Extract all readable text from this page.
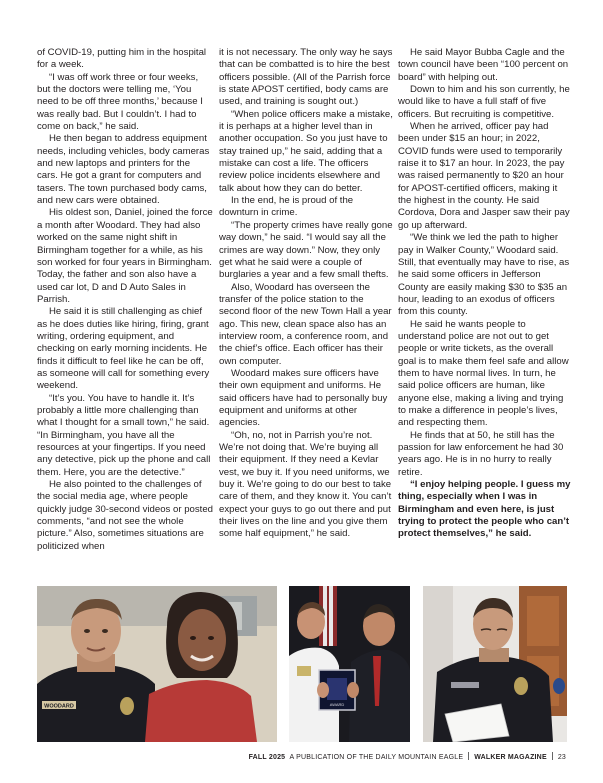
of COVID-19, putting him in the hospital for a week.

“I was off work three or four weeks, but the doctors were telling me, ‘You need to be off three months,’ because I was really bad. But I couldn’t. I had to come on back,” he said.

He then began to address equipment needs, including vehicles, body cameras and new laptops and printers for the cars. He got a grant for computers and tasers. The town purchased body cams, and new cars were obtained.

His oldest son, Daniel, joined the force a month after Woodard. They had also worked on the same night shift in Birmingham together for a while, as his son worked for four years in Birmingham. Today, the father and son also have a used car lot, D and D Auto Sales in Parrish.

He said it is still challenging as chief as he does duties like hiring, firing, grant writing, ordering equipment, and checking on early morning incidents. He finds it difficult to feel like he can be off, as someone will call for something every weekend.

“It’s you. You have to handle it. It’s probably a little more challenging than what I thought for a small town,” he said. “In Birmingham, you have all the resources at your fingertips. If you need any detective, pick up the phone and call them. Here, you are the detective.”

He also pointed to the challenges of the social media age, where people quickly judge 30-second videos or posted comments, “and not see the whole picture.” Also, sometimes situations are politicized when

it is not necessary. The only way he says that can be combatted is to hire the best officers possible. (All of the Parrish force is state APOST certified, body cams are used, and training is sought out.)

“When police officers make a mistake, it is perhaps at a higher level than in another occupation. So you just have to stay trained up,” he said, adding that a mistake can cost a life. The officers review police incidents elsewhere and talk about how they can do better.

In the end, he is proud of the downturn in crime.

“The property crimes have really gone way down,” he said. “I would say all the crimes are way down.” Now, they only get what he said were a couple of burglaries a year and a few small thefts.

Also, Woodard has overseen the transfer of the police station to the second floor of the new Town Hall a year ago. This new, clean space also has an interview room, a conference room, and the chief’s office. Each officer has their own computer.

Woodard makes sure officers have their own equipment and uniforms. He said officers have had to personally buy equipment and uniforms at other agencies.

“Oh, no, not in Parrish you’re not. We’re not doing that. We’re buying all their equipment. If they need a Kevlar vest, we buy it. If you need uniforms, we buy it. We’re going to do our best to take care of them, and they know it. You can’t expect your guys to go out there and put their lives on the line and you give them some half equipment,” he said.

He said Mayor Bubba Cagle and the town council have been “100 percent on board” with helping out.

Down to him and his son currently, he would like to have a full staff of five officers. But recruiting is competitive.

When he arrived, officer pay had been under $15 an hour; in 2022, COVID funds were used to temporarily raise it to $17 an hour. In 2023, the pay was raised permanently to $20 an hour for APOST-certified officers, making it the highest in the county. He said Cordova, Dora and Jasper saw their pay go up afterward.

“We think we led the path to higher pay in Walker County,” Woodard said. Still, that eventually may have to rise, as he said some officers in Jefferson County are easily making $30 to $35 an hour, leading to an exodus of officers from this county.

He said he wants people to understand police are not out to get people or write tickets, as the overall goal is to make them feel safe and allow them to have normal lives. In turn, he said police officers are human, like anyone else, making a living and trying to make a difference in people’s lives, and respecting them.

He finds that at 50, he still has the passion for law enforcement he had 30 years ago. He is in no hurry to really retire.

“I enjoy helping people. I guess my thing, especially when I was in Birmingham and even here, is just trying to protect the people who can’t protect themselves,” he said.

WOODARD	AWARD
FALL 2025 A PUBLICATION OF THE DAILY MOUNTAIN EAGLE WALKER MAGAZINE 23
